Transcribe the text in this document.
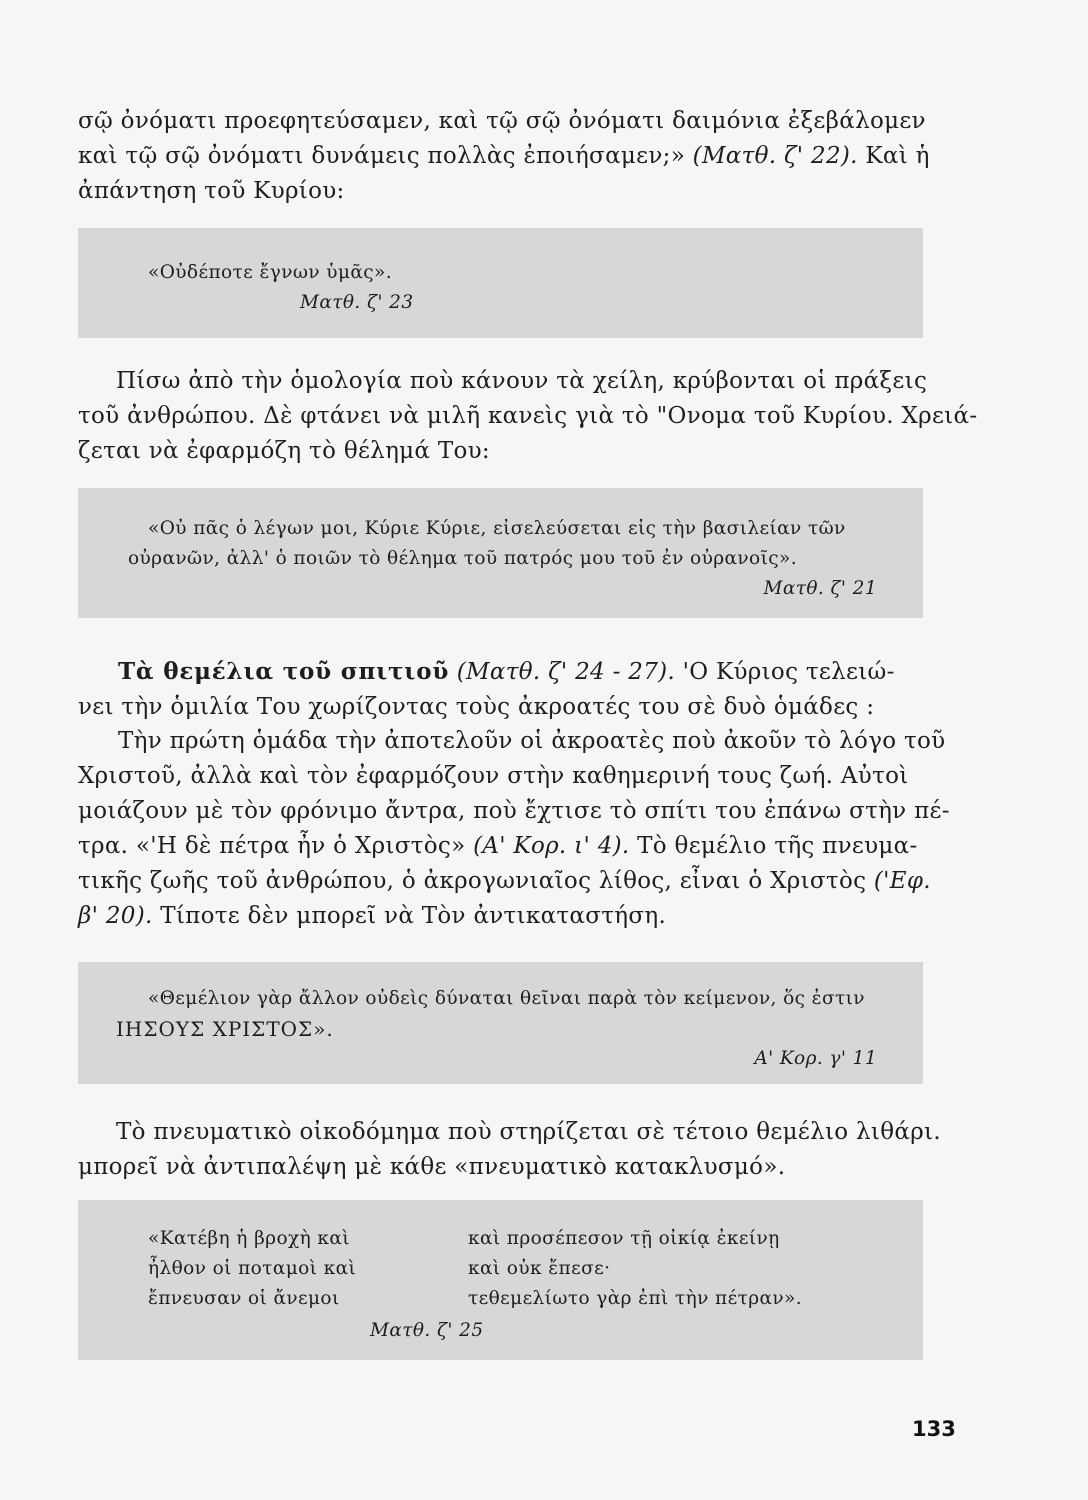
σῷ ὀνόματι προεφητεύσαμεν, καὶ τῷ σῷ ὀνόματι δαιμόνια ἐξεβάλομεν
καὶ τῷ σῷ ὀνόματι δυνάμεις πολλὰς ἐποιήσαμεν;» (Ματθ. ζ' 22). Καὶ ἡ
ἀπάντηση τοῦ Κυρίου:
«Οὐδέποτε ἔγνων ὑμᾶς».
Ματθ. ζ' 23
Πίσω ἀπὸ τὴν ὁμολογία ποὺ κάνουν τὰ χείλη, κρύβονται οἱ πράξεις
τοῦ ἀνθρώπου. Δὲ φτάνει νὰ μιλῆ κανεὶς γιὰ τὸ "Ονομα τοῦ Κυρίου. Χρειά-
ζεται νὰ ἐφαρμόζη τὸ θέλημά Του:
«Οὐ πᾶς ὁ λέγων μοι, Κύριε Κύριε, εἰσελεύσεται εἰς τὴν βασιλείαν τῶν
οὐρανῶν, ἀλλ' ὁ ποιῶν τὸ θέλημα τοῦ πατρός μου τοῦ ἐν οὐρανοῖς».
Ματθ. ζ' 21
Τὰ θεμέλια τοῦ σπιτιοῦ (Ματθ. ζ' 24 - 27). 'Ο Κύριος τελειώ-
νει τὴν ὁμιλία Του χωρίζοντας τοὺς ἀκροατές του σὲ δυὸ ὁμάδες :
Τὴν πρώτη ὁμάδα τὴν ἀποτελοῦν οἱ ἀκροατὲς ποὺ ἀκοῦν τὸ λόγο τοῦ
Χριστοῦ, ἀλλὰ καὶ τὸν ἐφαρμόζουν στὴν καθημερινή τους ζωή. Αὐτοὶ
μοιάζουν μὲ τὸν φρόνιμο ἄντρα, ποὺ ἔχτισε τὸ σπίτι του ἐπάνω στὴν πέ-
τρα. «'Η δὲ πέτρα ἦν ὁ Χριστὸς» (Α' Κορ. ι' 4). Τὸ θεμέλιο τῆς πνευμα-
τικῆς ζωῆς τοῦ ἀνθρώπου, ὁ ἀκρογωνιαῖος λίθος, εἶναι ὁ Χριστὸς ('Εφ.
β' 20). Τίποτε δὲν μπορεῖ νὰ Τὸν ἀντικαταστήση.
«Θεμέλιον γὰρ ἄλλον οὐδεὶς δύναται θεῖναι παρὰ τὸν κείμενον, ὅς ἐστιν
ΙΗΣΟΥΣ ΧΡΙΣΤΟΣ».
Α' Κορ. γ' 11
Τὸ πνευματικὸ οἰκοδόμημα ποὺ στηρίζεται σὲ τέτοιο θεμέλιο λιθάρι.
μπορεῖ νὰ ἀντιπαλέψη μὲ κάθε «πνευματικὸ κατακλυσμό».
«Κατέβη ἡ βροχὴ καὶ
ἦλθον οἱ ποταμοὶ καὶ
ἔπνευσαν οἱ ἄνεμοι
καὶ προσέπεσον τῇ οἰκίᾳ ἐκείνῃ
καὶ οὐκ ἔπεσε·
τεθεμελίωτο γὰρ ἐπὶ τὴν πέτραν».
Ματθ. ζ' 25
133
